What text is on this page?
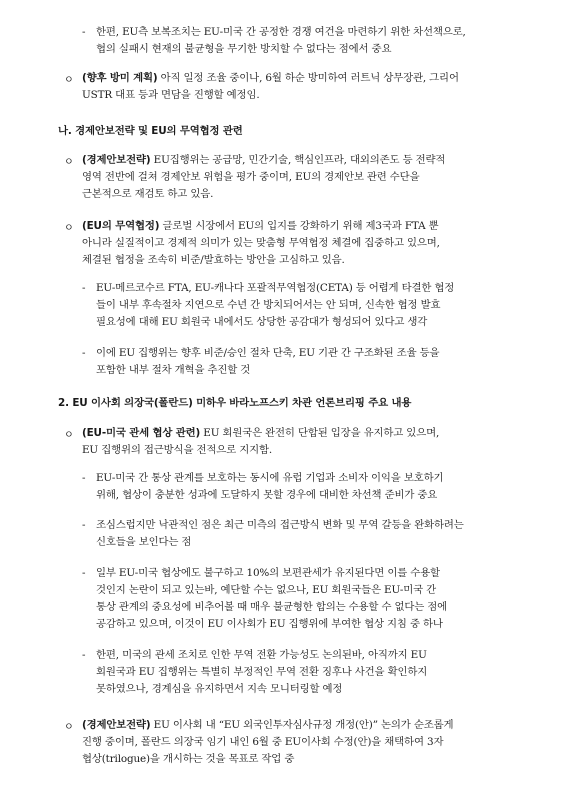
- 한편, EU측 보복조치는 EU-미국 간 공정한 경쟁 여건을 마련하기 위한 차선책으로,
협의 실패시 현재의 불균형을 무기한 방치할 수 없다는 점에서 중요
ㅇ (향후 방미 계획) 아직 일정 조율 중이나, 6월 하순 방미하여 러트닉 상무장관, 그리어
USTR 대표 등과 면담을 진행할 예정임.
나. 경제안보전략 및 EU의 무역협정 관련
ㅇ (경제안보전략) EU집행위는 공급망, 민간기술, 핵심인프라, 대외의존도 등 전략적
영역 전반에 걸쳐 경제안보 위험을 평가 중이며, EU의 경제안보 관련 수단을
근본적으로 재검토 하고 있음.
ㅇ (EU의 무역협정) 글로벌 시장에서 EU의 입지를 강화하기 위해 제3국과 FTA 뿐
아니라 실질적이고 경제적 의미가 있는 맞춤형 무역협정 체결에 집중하고 있으며,
체결된 협정을 조속히 비준/발효하는 방안을 고심하고 있음.
- EU-메르코수르 FTA, EU-캐나다 포괄적무역협정(CETA) 등 어렵게 타결한 협정
들이 내부 후속절차 지연으로 수년 간 방치되어서는 안 되며, 신속한 협정 발효
필요성에 대해 EU 회원국 내에서도 상당한 공감대가 형성되어 있다고 생각
- 이에 EU 집행위는 향후 비준/승인 절차 단축, EU 기관 간 구조화된 조율 등을
포함한 내부 절차 개혁을 추진할 것
2. EU 이사회 의장국(폴란드) 미하우 바라노프스키 차관 언론브리핑 주요 내용
ㅇ (EU-미국 관세 협상 관련) EU 회원국은 완전히 단합된 입장을 유지하고 있으며,
EU 집행위의 접근방식을 전적으로 지지함.
- EU-미국 간 통상 관계를 보호하는 동시에 유럽 기업과 소비자 이익을 보호하기
위해, 협상이 충분한 성과에 도달하지 못할 경우에 대비한 차선책 준비가 중요
- 조심스럽지만 낙관적인 점은 최근 미측의 접근방식 변화 및 무역 갈등을 완화하려는
신호들을 보인다는 점
- 일부 EU-미국 협상에도 불구하고 10%의 보편관세가 유지된다면 이를 수용할
것인지 논란이 되고 있는바, 예단할 수는 없으나, EU 회원국들은 EU-미국 간
통상 관계의 중요성에 비추어볼 때 매우 불균형한 합의는 수용할 수 없다는 점에
공감하고 있으며, 이것이 EU 이사회가 EU 집행위에 부여한 협상 지침 중 하나
- 한편, 미국의 관세 조치로 인한 무역 전환 가능성도 논의된바, 아직까지 EU
회원국과 EU 집행위는 특별히 부정적인 무역 전환 징후나 사건을 확인하지
못하였으나, 경계심을 유지하면서 지속 모니터링할 예정
ㅇ (경제안보전략) EU 이사회 내 “EU 외국인투자심사규정 개정(안)” 논의가 순조롭게
진행 중이며, 폴란드 의장국 임기 내인 6월 중 EU이사회 수정(안)을 채택하여 3자
협상(trilogue)을 개시하는 것을 목표로 작업 중
